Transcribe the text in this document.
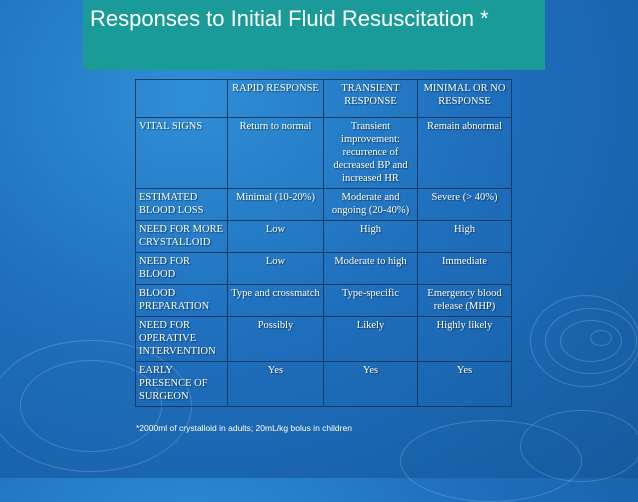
Responses to Initial Fluid Resuscitation *
	RAPID RESPONSE	TRANSIENT RESPONSE	MINIMAL OR NO RESPONSE
VITAL SIGNS	Return to normal	Transient improvement: recurrence of decreased BP and increased HR	Remain abnormal
ESTIMATED BLOOD LOSS	Minimal (10-20%)	Moderate and ongoing (20-40%)	Severe (> 40%)
NEED FOR MORE CRYSTALLOID	Low	High	High
NEED FOR BLOOD	Low	Moderate to high	Immediate
BLOOD PREPARATION	Type and crossmatch	Type-specific	Emergency blood release (MHP)
NEED FOR OPERATIVE INTERVENTION	Possibly	Likely	Highly likely
EARLY PRESENCE OF SURGEON	Yes	Yes	Yes
*2000ml of crystalloid in adults; 20mL/kg bolus in children
